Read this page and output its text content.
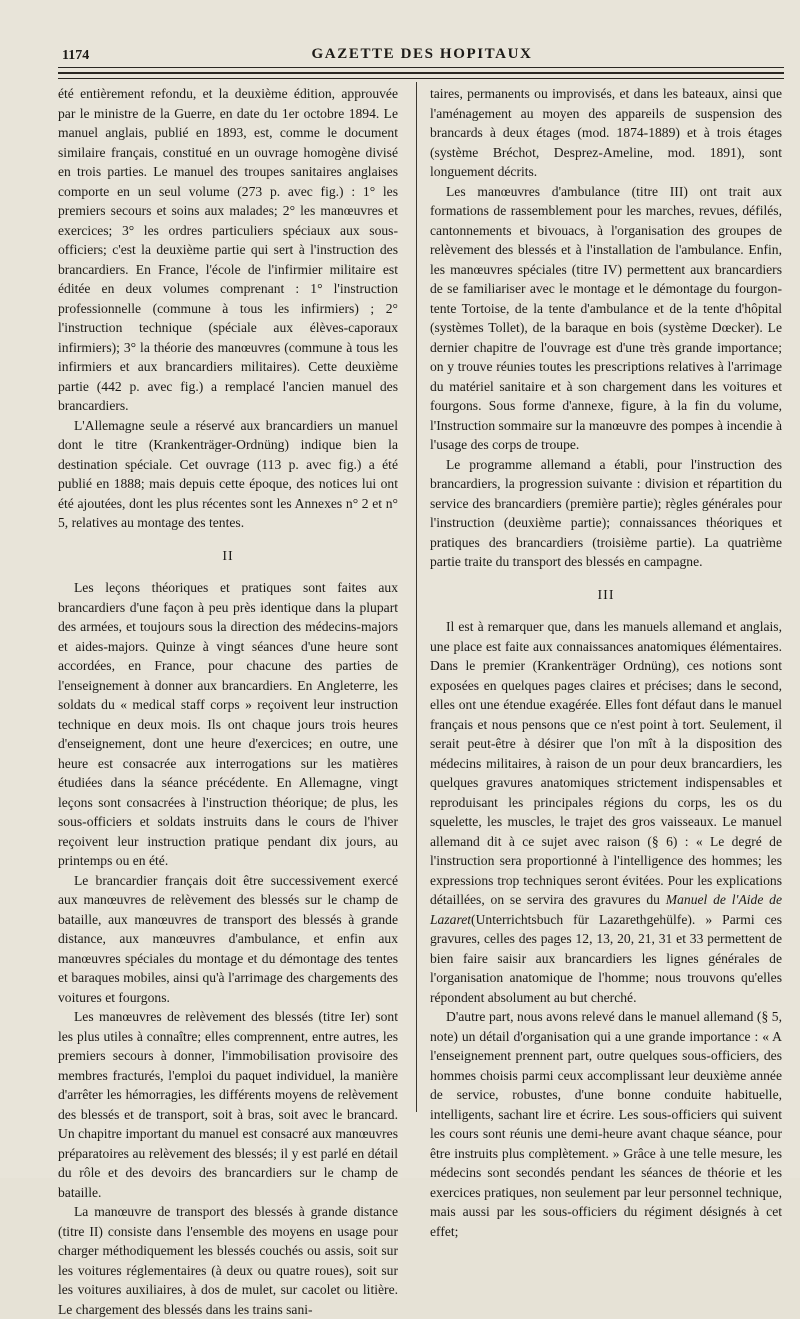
1174	GAZETTE DES HOPITAUX

été entièrement refondu, et la deuxième édition, approuvée par le ministre de la Guerre, en date du 1er octobre 1894. Le manuel anglais, publié en 1893, est, comme le document similaire français, constitué en un ouvrage homogène divisé en trois parties. Le manuel des troupes sanitaires anglaises comporte en un seul volume (273 p. avec fig.) : 1° les premiers secours et soins aux malades; 2° les manœuvres et exercices; 3° les ordres particuliers spéciaux aux sous-officiers; c'est la deuxième partie qui sert à l'instruction des brancardiers. En France, l'école de l'infirmier militaire est éditée en deux volumes comprenant : 1° l'instruction professionnelle (commune à tous les infirmiers) ; 2° l'instruction technique (spéciale aux élèves-caporaux infirmiers); 3° la théorie des manœuvres (commune à tous les infirmiers et aux brancardiers militaires). Cette deuxième partie (442 p. avec fig.) a remplacé l'ancien manuel des brancardiers.

L'Allemagne seule a réservé aux brancardiers un manuel dont le titre (Krankenträger-Ordnüng) indique bien la destination spéciale. Cet ouvrage (113 p. avec fig.) a été publié en 1888; mais depuis cette époque, des notices lui ont été ajoutées, dont les plus récentes sont les Annexes n° 2 et n° 5, relatives au montage des tentes.

II

Les leçons théoriques et pratiques sont faites aux brancardiers d'une façon à peu près identique dans la plupart des armées, et toujours sous la direction des médecins-majors et aides-majors. Quinze à vingt séances d'une heure sont accordées, en France, pour chacune des parties de l'enseignement à donner aux brancardiers. En Angleterre, les soldats du « medical staff corps » reçoivent leur instruction technique en deux mois. Ils ont chaque jours trois heures d'enseignement, dont une heure d'exercices; en outre, une heure est consacrée aux interrogations sur les matières étudiées dans la séance précédente. En Allemagne, vingt leçons sont consacrées à l'instruction théorique; de plus, les sous-officiers et soldats instruits dans le cours de l'hiver reçoivent leur instruction pratique pendant dix jours, au printemps ou en été.

Le brancardier français doit être successivement exercé aux manœuvres de relèvement des blessés sur le champ de bataille, aux manœuvres de transport des blessés à grande distance, aux manœuvres d'ambulance, et enfin aux manœuvres spéciales du montage et du démontage des tentes et baraques mobiles, ainsi qu'à l'arrimage des chargements des voitures et fourgons.

Les manœuvres de relèvement des blessés (titre Ier) sont les plus utiles à connaître; elles comprennent, entre autres, les premiers secours à donner, l'immobilisation provisoire des membres fracturés, l'emploi du paquet individuel, la manière d'arrêter les hémorragies, les différents moyens de relèvement des blessés et de transport, soit à bras, soit avec le brancard. Un chapitre important du manuel est consacré aux manœuvres préparatoires au relèvement des blessés; il y est parlé en détail du rôle et des devoirs des brancardiers sur le champ de bataille.

La manœuvre de transport des blessés à grande distance (titre II) consiste dans l'ensemble des moyens en usage pour charger méthodiquement les blessés couchés ou assis, soit sur les voitures réglementaires (à deux ou quatre roues), soit sur les voitures auxiliaires, à dos de mulet, sur cacolet ou litière. Le chargement des blessés dans les trains sani-

taires, permanents ou improvisés, et dans les bateaux, ainsi que l'aménagement au moyen des appareils de suspension des brancards à deux étages (mod. 1874-1889) et à trois étages (système Bréchot, Desprez-Ameline, mod. 1891), sont longuement décrits.

Les manœuvres d'ambulance (titre III) ont trait aux formations de rassemblement pour les marches, revues, défilés, cantonnements et bivouacs, à l'organisation des groupes de relèvement des blessés et à l'installation de l'ambulance. Enfin, les manœuvres spéciales (titre IV) permettent aux brancardiers de se familiariser avec le montage et le démontage du fourgon-tente Tortoise, de la tente d'ambulance et de la tente d'hôpital (systèmes Tollet), de la baraque en bois (système Dœcker). Le dernier chapitre de l'ouvrage est d'une très grande importance; on y trouve réunies toutes les prescriptions relatives à l'arrimage du matériel sanitaire et à son chargement dans les voitures et fourgons. Sous forme d'annexe, figure, à la fin du volume, l'Instruction sommaire sur la manœuvre des pompes à incendie à l'usage des corps de troupe.

Le programme allemand a établi, pour l'instruction des brancardiers, la progression suivante : division et répartition du service des brancardiers (première partie); règles générales pour l'instruction (deuxième partie); connaissances théoriques et pratiques des brancardiers (troisième partie). La quatrième partie traite du transport des blessés en campagne.

III

Il est à remarquer que, dans les manuels allemand et anglais, une place est faite aux connaissances anatomiques élémentaires. Dans le premier (Krankenträger Ordnüng), ces notions sont exposées en quelques pages claires et précises; dans le second, elles ont une étendue exagérée. Elles font défaut dans le manuel français et nous pensons que ce n'est point à tort. Seulement, il serait peut-être à désirer que l'on mît à la disposition des médecins militaires, à raison de un pour deux brancardiers, les quelques gravures anatomiques strictement indispensables et reproduisant les principales régions du corps, les os du squelette, les muscles, le trajet des gros vaisseaux. Le manuel allemand dit à ce sujet avec raison (§ 6) : « Le degré de l'instruction sera proportionné à l'intelligence des hommes; les expressions trop techniques seront évitées. Pour les explications détaillées, on se servira des gravures du Manuel de l'Aide de Lazaret(Unterrichtsbuch für Lazarethgehülfe). » Parmi ces gravures, celles des pages 12, 13, 20, 21, 31 et 33 permettent de bien faire saisir aux brancardiers les lignes générales de l'organisation anatomique de l'homme; nous trouvons qu'elles répondent absolument au but cherché.

D'autre part, nous avons relevé dans le manuel allemand (§ 5, note) un détail d'organisation qui a une grande importance : « A l'enseignement prennent part, outre quelques sous-officiers, des hommes choisis parmi ceux accomplissant leur deuxième année de service, robustes, d'une bonne conduite habituelle, intelligents, sachant lire et écrire. Les sous-officiers qui suivent les cours sont réunis une demi-heure avant chaque séance, pour être instruits plus complètement. » Grâce à une telle mesure, les médecins sont secondés pendant les séances de théorie et les exercices pratiques, non seulement par leur personnel technique, mais aussi par les sous-officiers du régiment désignés à cet effet;
